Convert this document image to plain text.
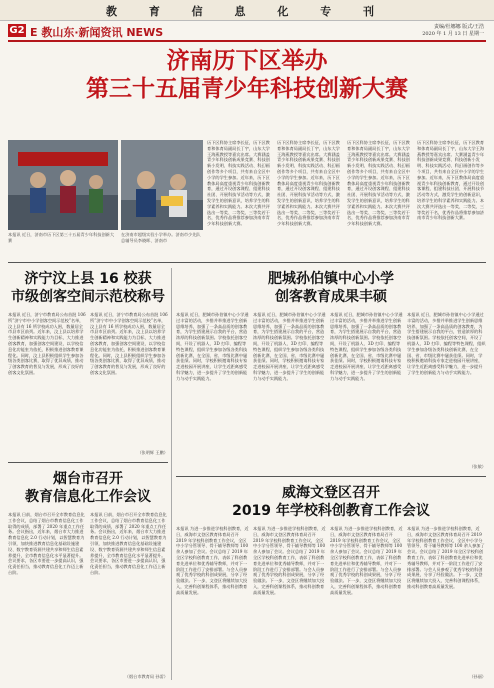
教 育 信 息 化 专 刊
G2 E 教山东·新闻资讯 NEWS	责编/杜娜娜 版式/王浩
2020 年 1 月 13 日 星期一
济南历下区举办
第三十五届青少年科技创新大赛
本报讯 近日，济南市历下区第三十五届青少年科技创新大赛
在济南市超级实验小学举办。济南市少先队总辅导员李晓晖、济南市
历下区科协主席李长征，历下区教育和体育局副局长丁宇，山东大学王海燕教授等嘉宾出席。大赛涵盖青少年科技创新成果竞赛、科技创新小发明、科技实践活动、科幻画创作等多个项目，共有来自全区中小学的学生参加。近年来，历下区教体局高度重视青少年科技创新教育，通过开设创客课程、组建科技社团、开展科技节活动等方式，激发学生的创新意识，培养学生的科学素养和实践能力。本次大赛共评选出一等奖、二等奖、三等奖若干名，优秀作品将推荐参加济南市青少年科技创新大赛。
历下区科协主席李长征，历下区教育和体育局副局长丁宇，山东大学王海燕教授等嘉宾出席。大赛涵盖青少年科技创新成果竞赛、科技创新小发明、科技实践活动、科幻画创作等多个项目，共有来自全区中小学的学生参加。近年来，历下区教体局高度重视青少年科技创新教育，通过开设创客课程、组建科技社团、开展科技节活动等方式，激发学生的创新意识，培养学生的科学素养和实践能力。本次大赛共评选出一等奖、二等奖、三等奖若干名，优秀作品将推荐参加济南市青少年科技创新大赛。
历下区科协主席李长征，历下区教育和体育局副局长丁宇，山东大学王海燕教授等嘉宾出席。大赛涵盖青少年科技创新成果竞赛、科技创新小发明、科技实践活动、科幻画创作等多个项目，共有来自全区中小学的学生参加。近年来，历下区教体局高度重视青少年科技创新教育，通过开设创客课程、组建科技社团、开展科技节活动等方式，激发学生的创新意识，培养学生的科学素养和实践能力。本次大赛共评选出一等奖、二等奖、三等奖若干名，优秀作品将推荐参加济南市青少年科技创新大赛。
历下区科协主席李长征，历下区教育和体育局副局长丁宇，山东大学王海燕教授等嘉宾出席。大赛涵盖青少年科技创新成果竞赛、科技创新小发明、科技实践活动、科幻画创作等多个项目，共有来自全区中小学的学生参加。近年来，历下区教体局高度重视青少年科技创新教育，通过开设创客课程、组建科技社团、开展科技节活动等方式，激发学生的创新意识，培养学生的科学素养和实践能力。本次大赛共评选出一等奖、二等奖、三等奖若干名，优秀作品将推荐参加济南市青少年科技创新大赛。
济宁汶上县 16 校获
市级创客空间示范校称号
本报讯 近日，济宁市教育局公布首批 106 所“济宁市中小学创客空间示范校”名单，汶上县有 16 所学校成功入围，数量居全市县市区前列。近年来，汶上县以培养学生创新精神和实践能力为目标，大力推进创客教育，加强创客空间建设，以学校信息化功能室为依托，积极推进创客教育课程化。同时，汶上县积极组织学生参加各级各类创客比赛，取得了优异成绩，推动了创客教育的普及与发展，形成了良好的创客文化氛围。
本报讯 近日，济宁市教育局公布首批 106 所“济宁市中小学创客空间示范校”名单，汶上县有 16 所学校成功入围，数量居全市县市区前列。近年来，汶上县以培养学生创新精神和实践能力为目标，大力推进创客教育，加强创客空间建设，以学校信息化功能室为依托，积极推进创客教育课程化。同时，汶上县积极组织学生参加各级各类创客比赛，取得了优异成绩，推动了创客教育的普及与发展，形成了良好的创客文化氛围。
（张明辉 王鹏）
肥城孙伯镇中心小学
创客教育成果丰硕
本报讯 近日，肥城市孙伯镇中心小学通过丰富的活动，多措并举推进学生创新思维培养，加强了一条高品质的创客教育，为学生搭建展示自我的平台，营造浓厚的科技创新氛围。学校依托创客空间，开设了机器人、3D 打印、编程等特色课程，组织学生参加各级各类科技创新比赛，在全国、省、市级比赛中屡获佳绩。同时，学校积极邀请科技专家走进校园开展讲座，让学生近距离感受科学魅力，进一步提升了学生的创新能力与动手实践能力。
本报讯 近日，肥城市孙伯镇中心小学通过丰富的活动，多措并举推进学生创新思维培养，加强了一条高品质的创客教育，为学生搭建展示自我的平台，营造浓厚的科技创新氛围。学校依托创客空间，开设了机器人、3D 打印、编程等特色课程，组织学生参加各级各类科技创新比赛，在全国、省、市级比赛中屡获佳绩。同时，学校积极邀请科技专家走进校园开展讲座，让学生近距离感受科学魅力，进一步提升了学生的创新能力与动手实践能力。
本报讯 近日，肥城市孙伯镇中心小学通过丰富的活动，多措并举推进学生创新思维培养，加强了一条高品质的创客教育，为学生搭建展示自我的平台，营造浓厚的科技创新氛围。学校依托创客空间，开设了机器人、3D 打印、编程等特色课程，组织学生参加各级各类科技创新比赛，在全国、省、市级比赛中屡获佳绩。同时，学校积极邀请科技专家走进校园开展讲座，让学生近距离感受科学魅力，进一步提升了学生的创新能力与动手实践能力。
本报讯 近日，肥城市孙伯镇中心小学通过丰富的活动，多措并举推进学生创新思维培养，加强了一条高品质的创客教育，为学生搭建展示自我的平台，营造浓厚的科技创新氛围。学校依托创客空间，开设了机器人、3D 打印、编程等特色课程，组织学生参加各级各类科技创新比赛，在全国、省、市级比赛中屡获佳绩。同时，学校积极邀请科技专家走进校园开展讲座，让学生近距离感受科学魅力，进一步提升了学生的创新能力与动手实践能力。
（张敏）
烟台市召开
教育信息化工作会议
本报讯 日前，烟台市召开全市教育信息化工作会议，总结了烟台市教育信息化工作取得的成绩，部署了 2020 年重点工作任务。会议指出，近年来，烟台市大力推进教育信息化 2.0 行动计划，以智慧教育为引领，加快推进教育信息化基础设施建设、数字教育资源共建共享和师生信息素养提升，全市教育信息化水平显著提升。会议要求，各区市要进一步提高认识，强化责任担当，推动教育信息化工作迈上新台阶。
本报讯 日前，烟台市召开全市教育信息化工作会议，总结了烟台市教育信息化工作取得的成绩，部署了 2020 年重点工作任务。会议指出，近年来，烟台市大力推进教育信息化 2.0 行动计划，以智慧教育为引领，加快推进教育信息化基础设施建设、数字教育资源共建共享和师生信息素养提升，全市教育信息化水平显著提升。会议要求，各区市要进一步提高认识，强化责任担当，推动教育信息化工作迈上新台阶。
（烟台市教育局 孙雷）
威海文登区召开
2019 年学校科创教育工作会议
本报讯 为进一步推进学校科创教育，近日，威海市文登区教育体育局召开 2019 年学校科创教育工作会议，全区中小学分管领导、骨干辅导教师等 100 余人参加了会议。会议总结了 2019 年全区学校科创教育工作，表彰了科创教育先进单位和优秀辅导教师，并对下一阶段工作进行了安排部署。与会人员参观了优秀学校的科创成果展，分享了经验做法。下一步，文登区将继续加大投入，完善科创课程体系，推动科创教育高质量发展。
本报讯 为进一步推进学校科创教育，近日，威海市文登区教育体育局召开 2019 年学校科创教育工作会议，全区中小学分管领导、骨干辅导教师等 100 余人参加了会议。会议总结了 2019 年全区学校科创教育工作，表彰了科创教育先进单位和优秀辅导教师，并对下一阶段工作进行了安排部署。与会人员参观了优秀学校的科创成果展，分享了经验做法。下一步，文登区将继续加大投入，完善科创课程体系，推动科创教育高质量发展。
本报讯 为进一步推进学校科创教育，近日，威海市文登区教育体育局召开 2019 年学校科创教育工作会议，全区中小学分管领导、骨干辅导教师等 100 余人参加了会议。会议总结了 2019 年全区学校科创教育工作，表彰了科创教育先进单位和优秀辅导教师，并对下一阶段工作进行了安排部署。与会人员参观了优秀学校的科创成果展，分享了经验做法。下一步，文登区将继续加大投入，完善科创课程体系，推动科创教育高质量发展。
本报讯 为进一步推进学校科创教育，近日，威海市文登区教育体育局召开 2019 年学校科创教育工作会议，全区中小学分管领导、骨干辅导教师等 100 余人参加了会议。会议总结了 2019 年全区学校科创教育工作，表彰了科创教育先进单位和优秀辅导教师，并对下一阶段工作进行了安排部署。与会人员参观了优秀学校的科创成果展，分享了经验做法。下一步，文登区将继续加大投入，完善科创课程体系，推动科创教育高质量发展。
（孙丽）
